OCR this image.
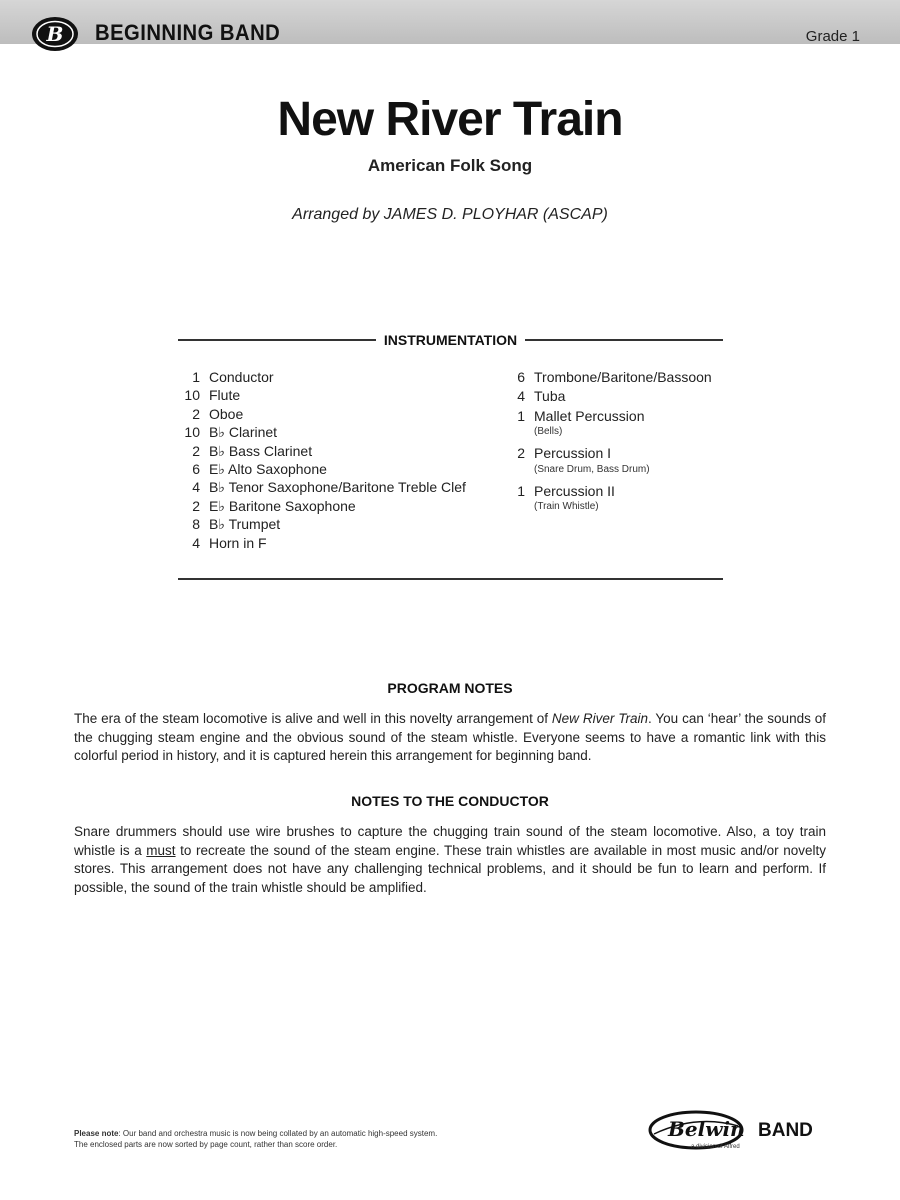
B BEGINNING BAND	Grade 1
New River Train
American Folk Song
Arranged by JAMES D. PLOYHAR (ASCAP)
INSTRUMENTATION
1 Conductor
10 Flute
2 Oboe
10 B♭ Clarinet
2 B♭ Bass Clarinet
6 E♭ Alto Saxophone
4 B♭ Tenor Saxophone/Baritone Treble Clef
2 E♭ Baritone Saxophone
8 B♭ Trumpet
4 Horn in F
6 Trombone/Baritone/Bassoon
4 Tuba
1 Mallet Percussion
(Bells)
2 Percussion I
(Snare Drum, Bass Drum)
1 Percussion II
(Train Whistle)
PROGRAM NOTES
The era of the steam locomotive is alive and well in this novelty arrangement of New River Train. You can ‘hear’ the sounds of the chugging steam engine and the obvious sound of the steam whistle. Everyone seems to have a romantic link with this colorful period in history, and it is captured herein this arrangement for beginning band.
NOTES TO THE CONDUCTOR
Snare drummers should use wire brushes to capture the chugging train sound of the steam locomotive. Also, a toy train whistle is a must to recreate the sound of the steam engine. These train whistles are available in most music and/or novelty stores. This arrangement does not have any challenging technical problems, and it should be fun to learn and perform. If possible, the sound of the train whistle should be amplified.
Please note: Our band and orchestra music is now being collated by an automatic high-speed system.
The enclosed parts are now sorted by page count, rather than score order.
Belwin BAND
a division of Alfred
